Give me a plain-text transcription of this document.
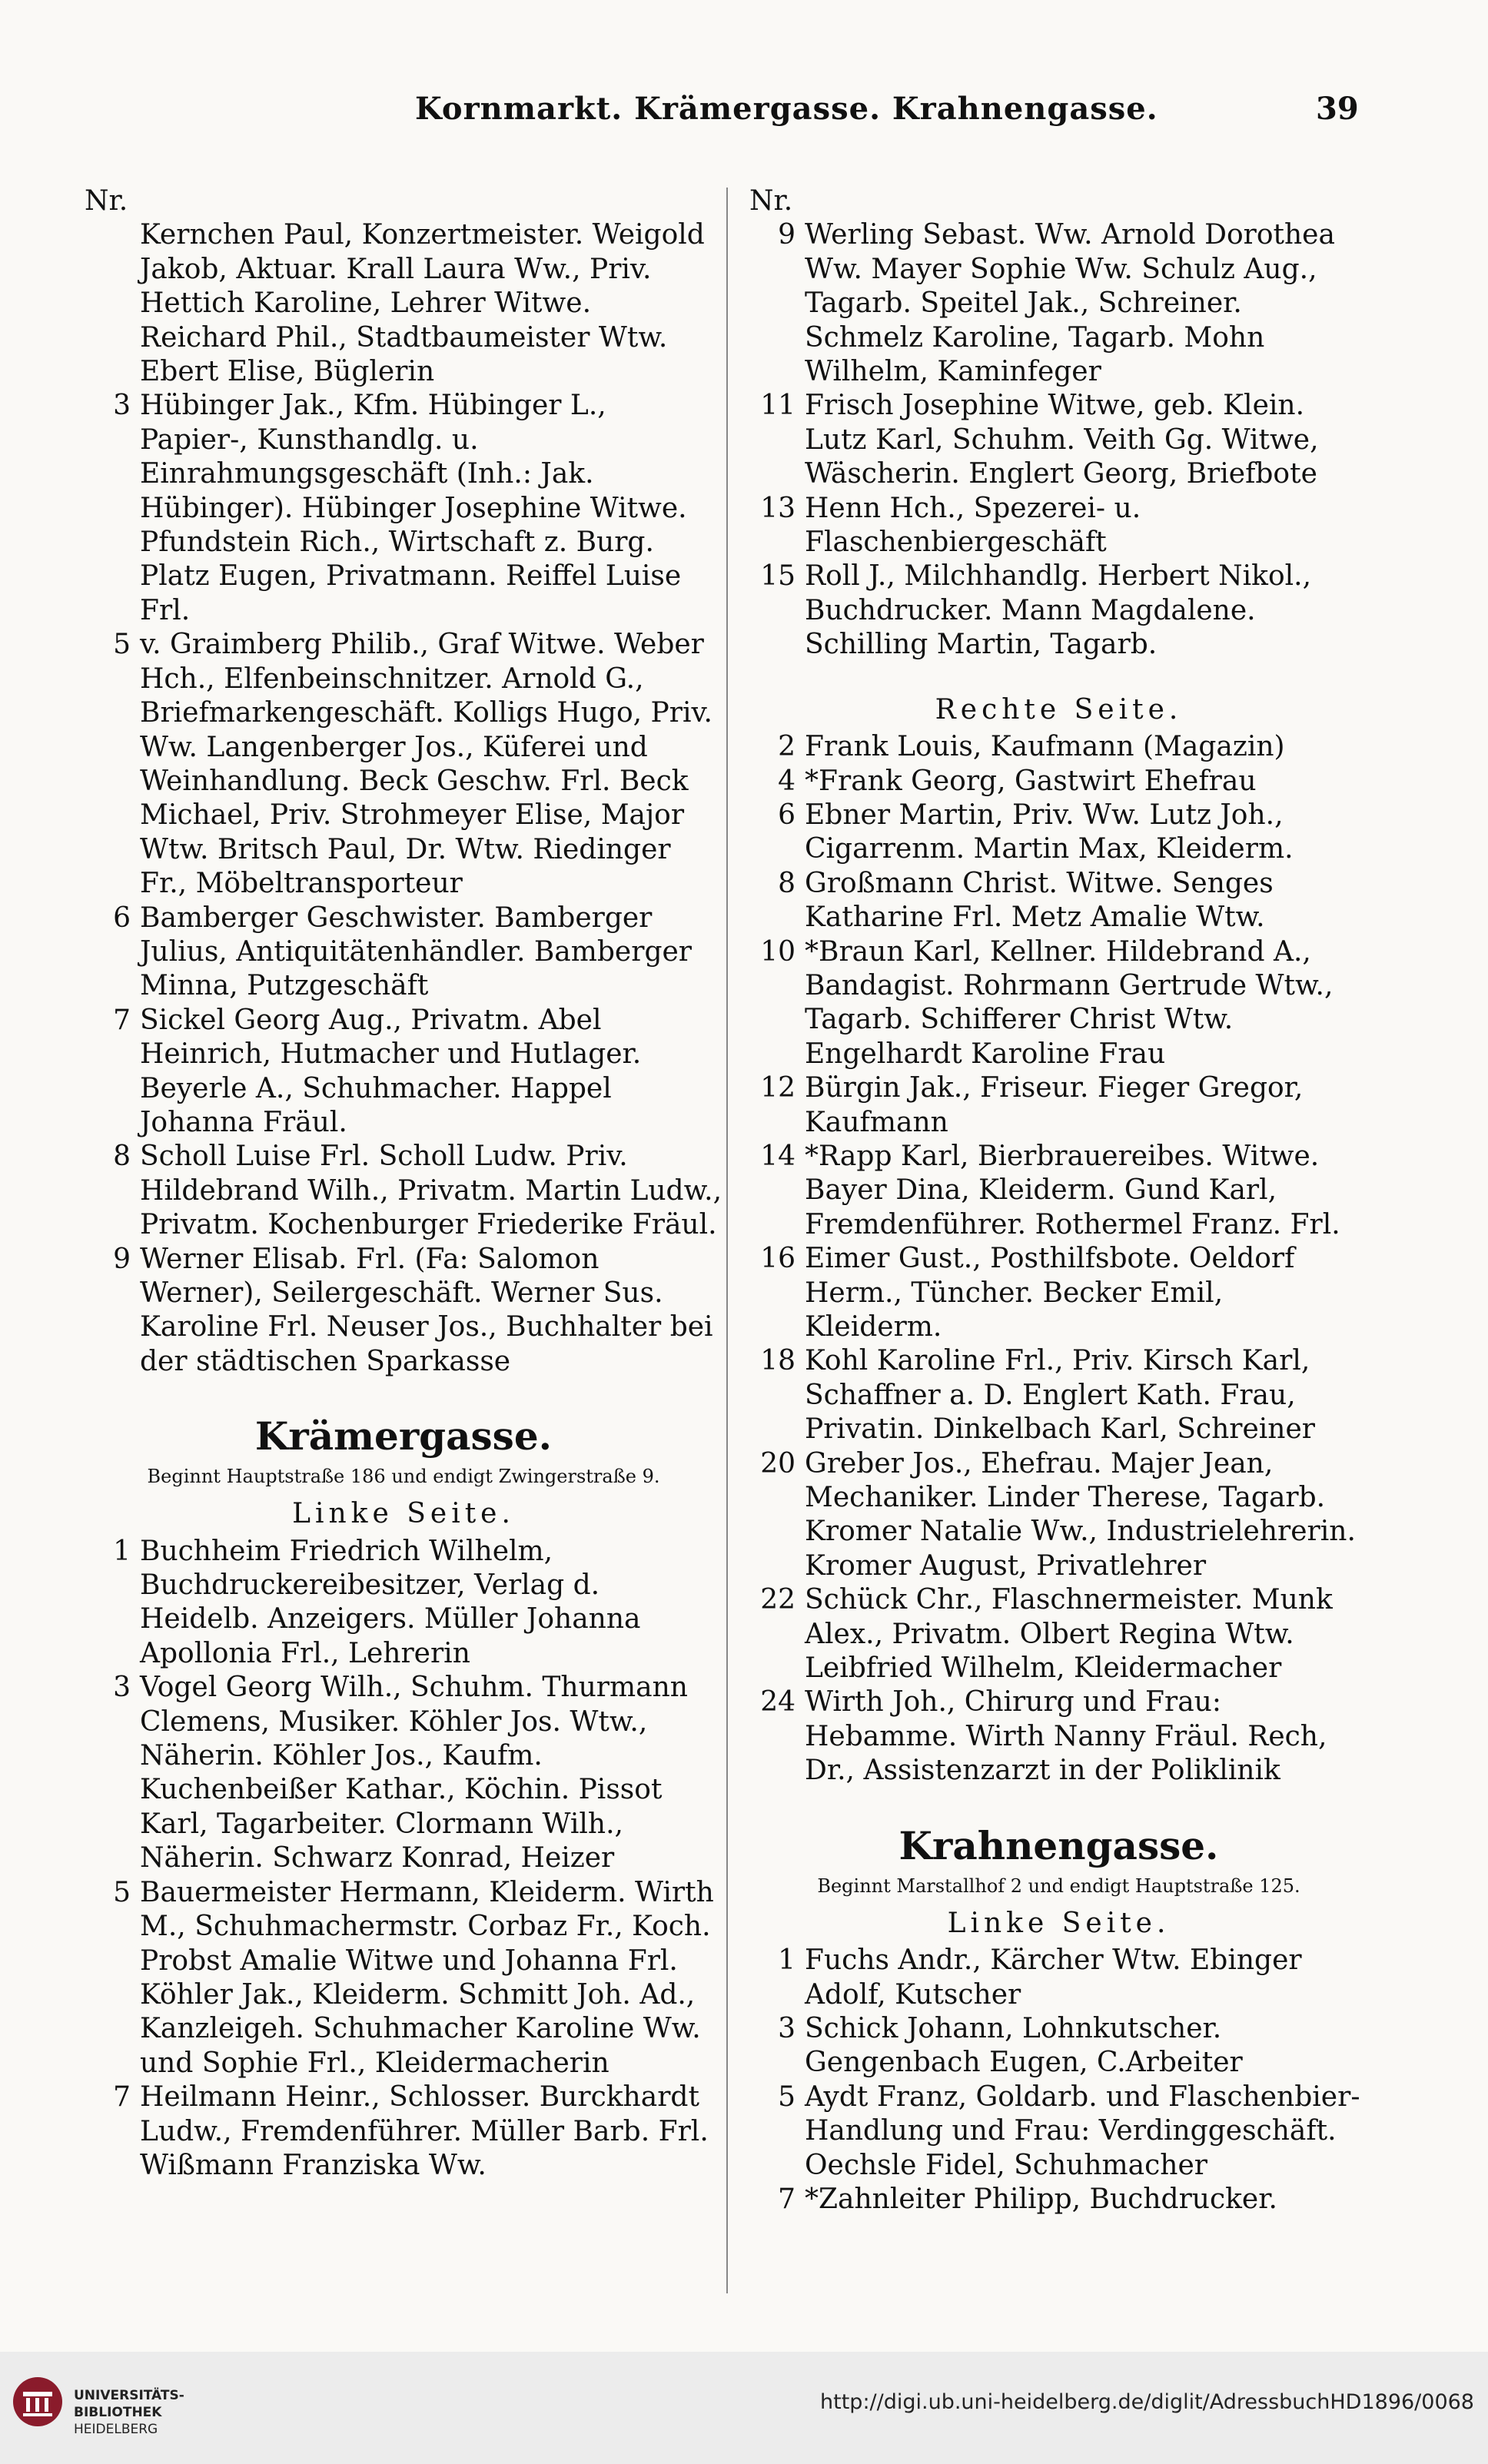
Kornmarkt. Krämergasse. Krahnengasse.	39
Nr.
Kernchen Paul, Konzertmeister. Weigold Jakob, Aktuar. Krall Laura Ww., Priv. Hettich Karoline, Lehrer Witwe. Reichard Phil., Stadtbaumeister Wtw. Ebert Elise, Büglerin
3 Hübinger Jak., Kfm. Hübinger L., Papier-, Kunsthandlg. u. Einrahmungsgeschäft (Inh.: Jak. Hübinger). Hübinger Josephine Witwe. Pfundstein Rich., Wirtschaft z. Burg. Platz Eugen, Privatmann. Reiffel Luise Frl.
5 v. Graimberg Philib., Graf Witwe. Weber Hch., Elfenbeinschnitzer. Arnold G., Briefmarkengeschäft. Kolligs Hugo, Priv. Ww. Langenberger Jos., Küferei und Weinhandlung. Beck Geschw. Frl. Beck Michael, Priv. Strohmeyer Elise, Major Wtw. Britsch Paul, Dr. Wtw. Riedinger Fr., Möbeltransporteur
6 Bamberger Geschwister. Bamberger Julius, Antiquitätenhändler. Bamberger Minna, Putzgeschäft
7 Sickel Georg Aug., Privatm. Abel Heinrich, Hutmacher und Hutlager. Beyerle A., Schuhmacher. Happel Johanna Fräul.
8 Scholl Luise Frl. Scholl Ludw. Priv. Hildebrand Wilh., Privatm. Martin Ludw., Privatm. Kochenburger Friederike Fräul.
9 Werner Elisab. Frl. (Fa: Salomon Werner), Seilergeschäft. Werner Sus. Karoline Frl. Neuser Jos., Buchhalter bei der städtischen Sparkasse
Krämergasse.
Beginnt Hauptstraße 186 und endigt Zwingerstraße 9.
Linke Seite.
1 Buchheim Friedrich Wilhelm, Buchdruckereibesitzer, Verlag d. Heidelb. Anzeigers. Müller Johanna Apollonia Frl., Lehrerin
3 Vogel Georg Wilh., Schuhm. Thurmann Clemens, Musiker. Köhler Jos. Wtw., Näherin. Köhler Jos., Kaufm. Kuchenbeißer Kathar., Köchin. Pissot Karl, Tagarbeiter. Clormann Wilh., Näherin. Schwarz Konrad, Heizer
5 Bauermeister Hermann, Kleiderm. Wirth M., Schuhmachermstr. Corbaz Fr., Koch. Probst Amalie Witwe und Johanna Frl. Köhler Jak., Kleiderm. Schmitt Joh. Ad., Kanzleigeh. Schuhmacher Karoline Ww. und Sophie Frl., Kleidermacherin
7 Heilmann Heinr., Schlosser. Burckhardt Ludw., Fremdenführer. Müller Barb. Frl. Wißmann Franziska Ww.
Nr.
9 Werling Sebast. Ww. Arnold Dorothea Ww. Mayer Sophie Ww. Schulz Aug., Tagarb. Speitel Jak., Schreiner. Schmelz Karoline, Tagarb. Mohn Wilhelm, Kaminfeger
11 Frisch Josephine Witwe, geb. Klein. Lutz Karl, Schuhm. Veith Gg. Witwe, Wäscherin. Englert Georg, Briefbote
13 Henn Hch., Spezerei- u. Flaschenbiergeschäft
15 Roll J., Milchhandlg. Herbert Nikol., Buchdrucker. Mann Magdalene. Schilling Martin, Tagarb.
Rechte Seite.
2 Frank Louis, Kaufmann (Magazin)
4 *Frank Georg, Gastwirt Ehefrau
6 Ebner Martin, Priv. Ww. Lutz Joh., Cigarrenm. Martin Max, Kleiderm.
8 Großmann Christ. Witwe. Senges Katharine Frl. Metz Amalie Wtw.
10 *Braun Karl, Kellner. Hildebrand A., Bandagist. Rohrmann Gertrude Wtw., Tagarb. Schifferer Christ Wtw. Engelhardt Karoline Frau
12 Bürgin Jak., Friseur. Fieger Gregor, Kaufmann
14 *Rapp Karl, Bierbrauereibes. Witwe. Bayer Dina, Kleiderm. Gund Karl, Fremdenführer. Rothermel Franz. Frl.
16 Eimer Gust., Posthilfsbote. Oeldorf Herm., Tüncher. Becker Emil, Kleiderm.
18 Kohl Karoline Frl., Priv. Kirsch Karl, Schaffner a. D. Englert Kath. Frau, Privatin. Dinkelbach Karl, Schreiner
20 Greber Jos., Ehefrau. Majer Jean, Mechaniker. Linder Therese, Tagarb. Kromer Natalie Ww., Industrielehrerin. Kromer August, Privatlehrer
22 Schück Chr., Flaschnermeister. Munk Alex., Privatm. Olbert Regina Wtw. Leibfried Wilhelm, Kleidermacher
24 Wirth Joh., Chirurg und Frau: Hebamme. Wirth Nanny Fräul. Rech, Dr., Assistenzarzt in der Poliklinik
Krahnengasse.
Beginnt Marstallhof 2 und endigt Hauptstraße 125.
Linke Seite.
1 Fuchs Andr., Kärcher Wtw. Ebinger Adolf, Kutscher
3 Schick Johann, Lohnkutscher. Gengenbach Eugen, C.Arbeiter
5 Aydt Franz, Goldarb. und Flaschenbier-Handlung und Frau: Verdinggeschäft. Oechsle Fidel, Schuhmacher
7 *Zahnleiter Philipp, Buchdrucker.
UNIVERSITÄTS-
BIBLIOTHEK
HEIDELBERG
http://digi.ub.uni-heidelberg.de/diglit/AdressbuchHD1896/0068
